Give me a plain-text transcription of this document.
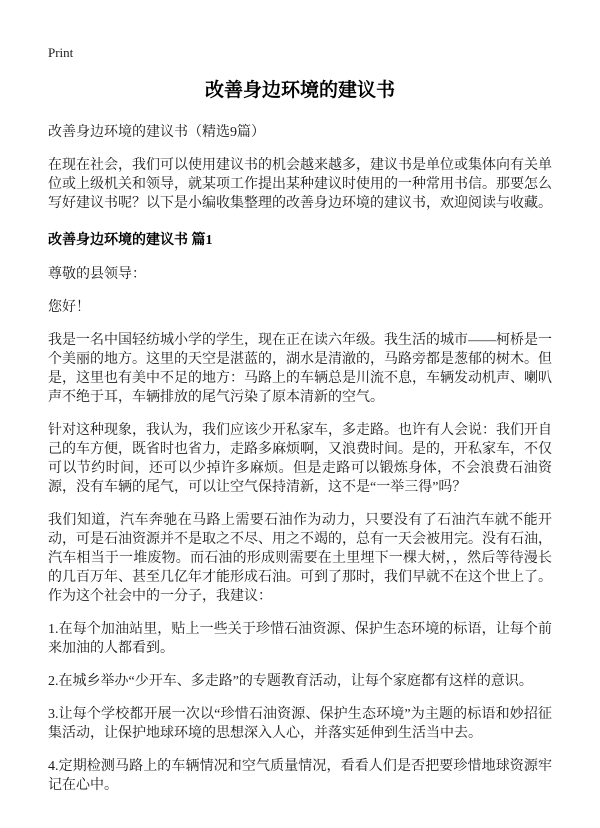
Print
改善身边环境的建议书

改善身边环境的建议书（精选9篇）

在现在社会，我们可以使用建议书的机会越来越多，建议书是单位或集体向有关单位或上级机关和领导，就某项工作提出某种建议时使用的一种常用书信。那要怎么写好建议书呢？以下是小编收集整理的改善身边环境的建议书，欢迎阅读与收藏。

改善身边环境的建议书 篇1

尊敬的县领导：

您好！

我是一名中国轻纺城小学的学生，现在正在读六年级。我生活的城市——柯桥是一个美丽的地方。这里的天空是湛蓝的，湖水是清澈的，马路旁都是葱郁的树木。但是，这里也有美中不足的地方：马路上的车辆总是川流不息，车辆发动机声、喇叭声不绝于耳，车辆排放的尾气污染了原本清新的空气。

针对这种现象，我认为，我们应该少开私家车，多走路。也许有人会说：我们开自己的车方便，既省时也省力，走路多麻烦啊，又浪费时间。是的，开私家车，不仅可以节约时间，还可以少掉许多麻烦。但是走路可以锻炼身体，不会浪费石油资源，没有车辆的尾气，可以让空气保持清新，这不是“一举三得”吗？

我们知道，汽车奔驰在马路上需要石油作为动力，只要没有了石油汽车就不能开动，可是石油资源并不是取之不尽、用之不竭的，总有一天会被用完。没有石油，汽车相当于一堆废物。而石油的形成则需要在土里埋下一棵大树，，然后等待漫长的几百万年、甚至几亿年才能形成石油。可到了那时，我们早就不在这个世上了。作为这个社会中的一分子，我建议：

1.在每个加油站里，贴上一些关于珍惜石油资源、保护生态环境的标语，让每个前来加油的人都看到。

2.在城乡举办“少开车、多走路”的专题教育活动，让每个家庭都有这样的意识。

3.让每个学校都开展一次以“珍惜石油资源、保护生态环境”为主题的标语和妙招征集活动，让保护地球环境的思想深入人心，并落实延伸到生活当中去。

4.定期检测马路上的车辆情况和空气质量情况，看看人们是否把要珍惜地球资源牢记在心中。
